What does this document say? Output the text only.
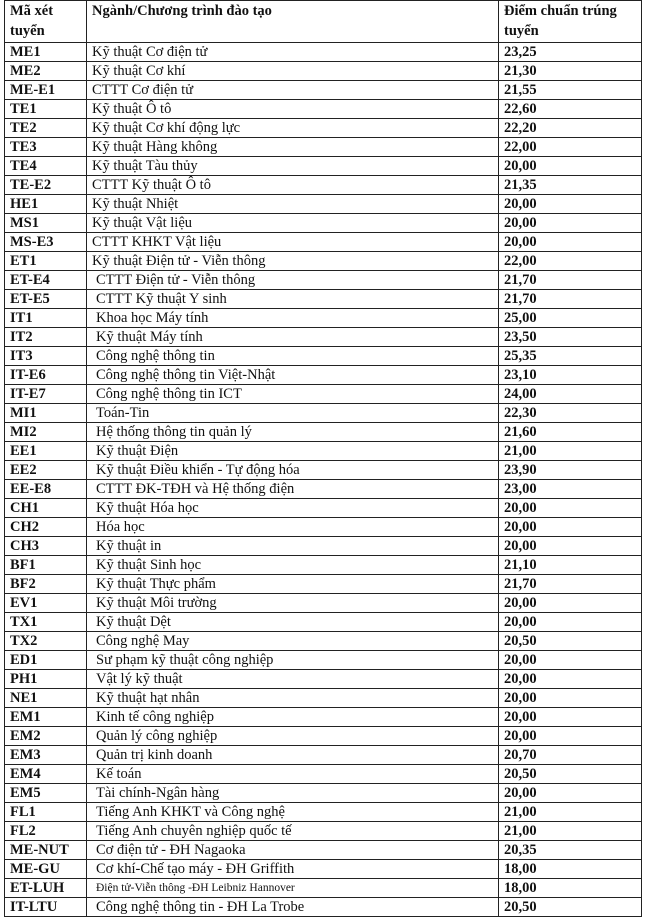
Mã xét tuyển	Ngành/Chương trình đào tạo	Điểm chuẩn trúng tuyển
ME1	Kỹ thuật Cơ điện tử	23,25
ME2	Kỹ thuật Cơ khí	21,30
ME-E1	CTTT Cơ điện tử	21,55
TE1	Kỹ thuật Ô tô	22,60
TE2	Kỹ thuật Cơ khí động lực	22,20
TE3	Kỹ thuật Hàng không	22,00
TE4	Kỹ thuật Tàu thủy	20,00
TE-E2	CTTT Kỹ thuật Ô tô	21,35
HE1	Kỹ thuật Nhiệt	20,00
MS1	Kỹ thuật Vật liệu	20,00
MS-E3	CTTT KHKT Vật liệu	20,00
ET1	Kỹ thuật Điện tử - Viễn thông	22,00
ET-E4	CTTT Điện tử - Viễn thông	21,70
ET-E5	CTTT Kỹ thuật Y sinh	21,70
IT1	Khoa học Máy tính	25,00
IT2	Kỹ thuật Máy tính	23,50
IT3	Công nghệ thông tin	25,35
IT-E6	Công nghệ thông tin Việt-Nhật	23,10
IT-E7	Công nghệ thông tin ICT	24,00
MI1	Toán-Tin	22,30
MI2	Hệ thống thông tin quản lý	21,60
EE1	Kỹ thuật Điện	21,00
EE2	Kỹ thuật Điều khiển - Tự động hóa	23,90
EE-E8	CTTT ĐK-TĐH và Hệ thống điện	23,00
CH1	Kỹ thuật Hóa học	20,00
CH2	Hóa học	20,00
CH3	Kỹ thuật in	20,00
BF1	Kỹ thuật Sinh học	21,10
BF2	Kỹ thuật Thực phẩm	21,70
EV1	Kỹ thuật Môi trường	20,00
TX1	Kỹ thuật Dệt	20,00
TX2	Công nghệ May	20,50
ED1	Sư phạm kỹ thuật công nghiệp	20,00
PH1	Vật lý kỹ thuật	20,00
NE1	Kỹ thuật hạt nhân	20,00
EM1	Kinh tế công nghiệp	20,00
EM2	Quản lý công nghiệp	20,00
EM3	Quản trị kinh doanh	20,70
EM4	Kế toán	20,50
EM5	Tài chính-Ngân hàng	20,00
FL1	Tiếng Anh KHKT và Công nghệ	21,00
FL2	Tiếng Anh chuyên nghiệp quốc tế	21,00
ME-NUT	Cơ điện tử - ĐH Nagaoka	20,35
ME-GU	Cơ khí-Chế tạo máy - ĐH Griffith	18,00
ET-LUH	Điện tử-Viễn thông -ĐH Leibniz Hannover	18,00
IT-LTU	Công nghệ thông tin - ĐH La Trobe	20,50
